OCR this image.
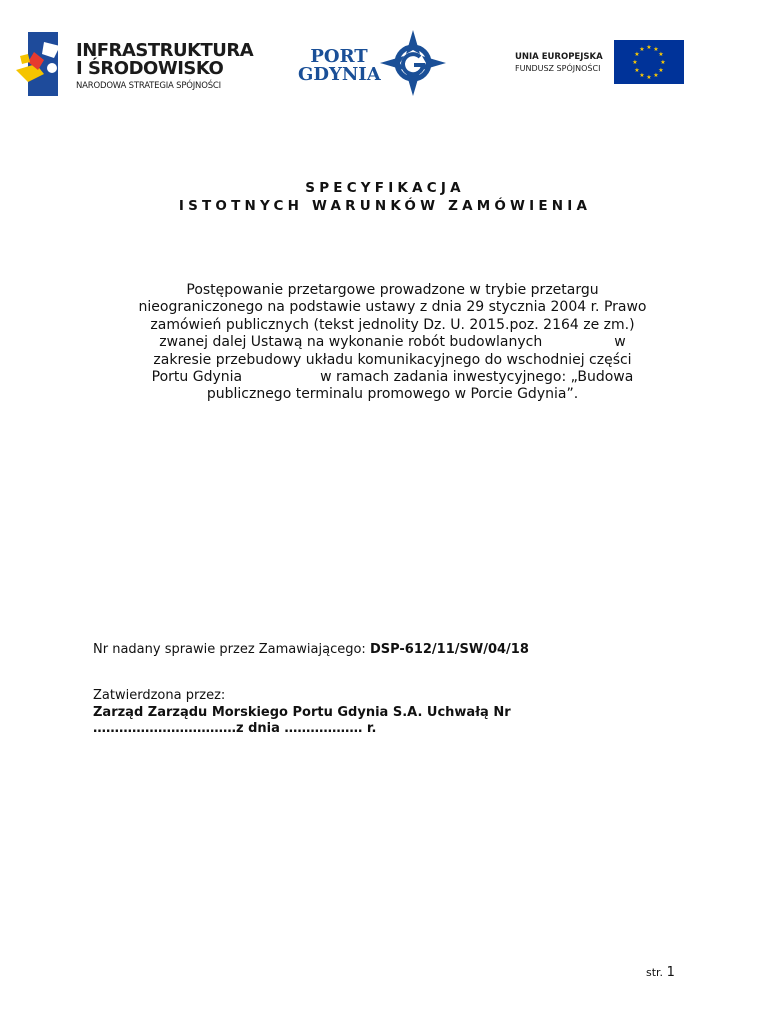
INFRASTRUKTURA
I ŚRODOWISKO
NARODOWA STRATEGIA SPÓJNOŚCI
PORT
GDYNIA
UNIA EUROPEJSKA
FUNDUSZ SPÓJNOŚCI
★ ★
★
★
★
★
★
★
★
★
★
★
SPECYFIKACJA
ISTOTNYCH WARUNKÓW ZAMÓWIENIA
Postępowanie przetargowe prowadzone w trybie przetargu
nieograniczonego na podstawie ustawy z dnia 29 stycznia 2004 r. Prawo
zamówień publicznych (tekst jednolity Dz. U. 2015.poz. 2164 ze zm.)
zwanej dalej Ustawą na wykonanie robót budowlanych	w
zakresie przebudowy układu komunikacyjnego do wschodniej części
Portu Gdynia	w ramach zadania inwestycyjnego: „Budowa
publicznego terminalu promowego w Porcie Gdynia”.
Nr nadany sprawie przez Zamawiającego: DSP-612/11/SW/04/18
Zatwierdzona przez:
Zarząd Zarządu Morskiego Portu Gdynia S.A. Uchwałą Nr
……………………………z dnia ……………… r.
str. 1
